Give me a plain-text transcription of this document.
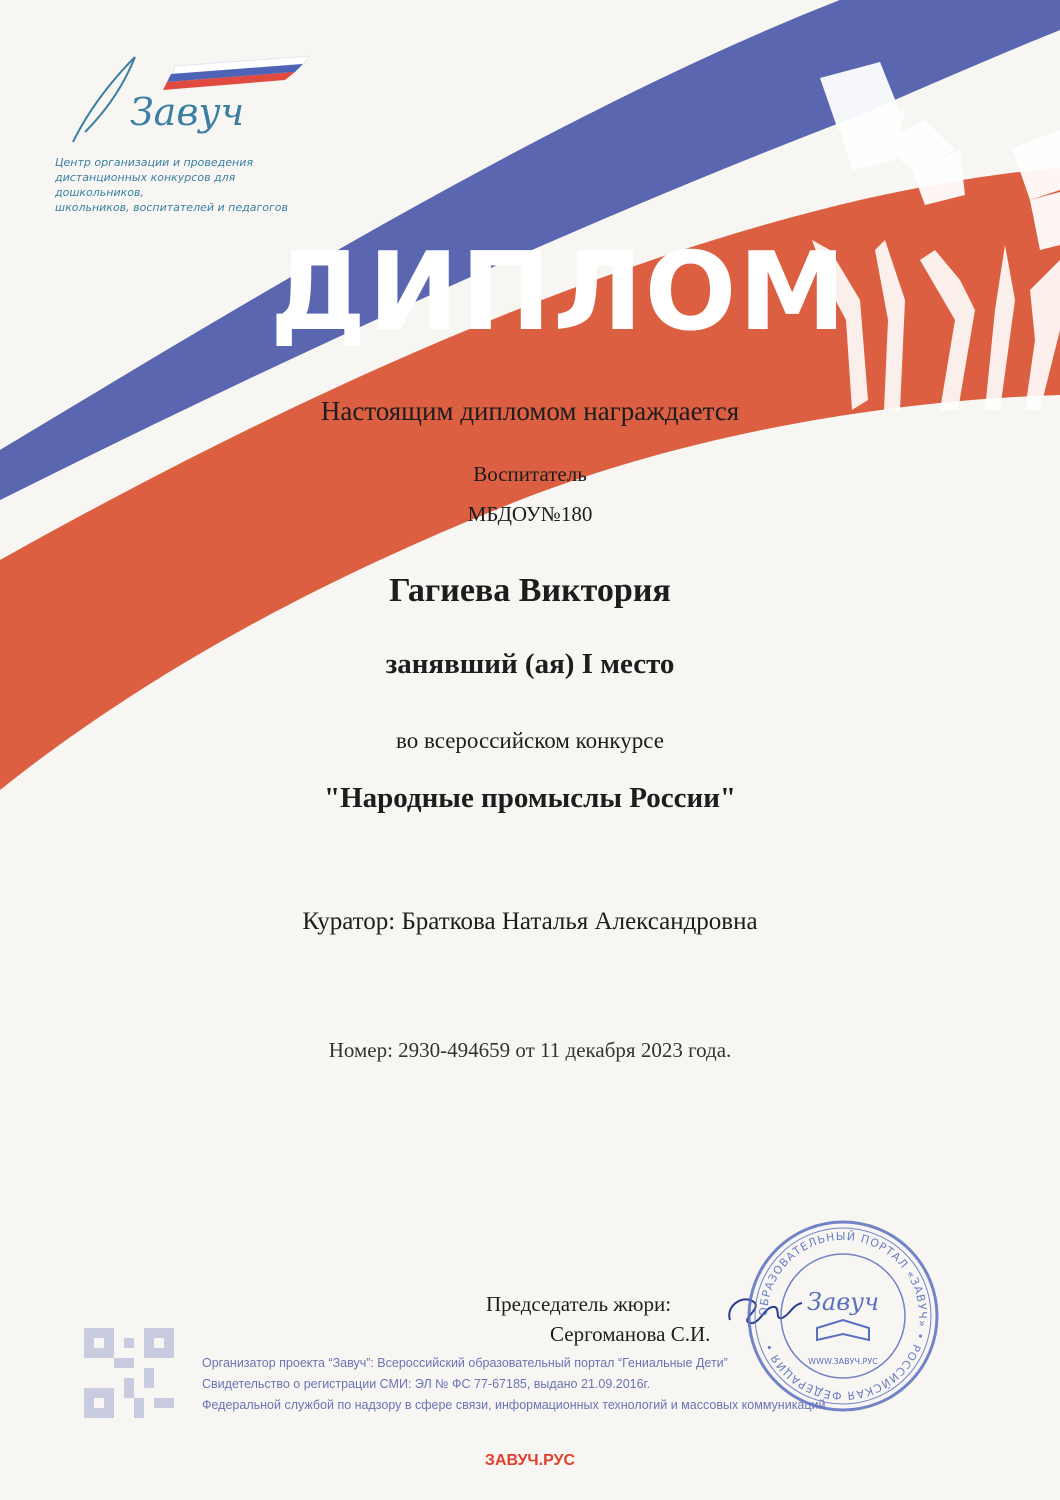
Завуч
Центр организации и проведения
дистанционных конкурсов для дошкольников,
школьников, воспитателей и педагогов
ДИПЛОМ
Настоящим дипломом награждается
Воспитатель
МБДОУ№180
Гагиева Виктория
занявший (ая) I место
во всероссийском конкурсе
"Народные промыслы России"
Куратор: Браткова Наталья Александровна
Номер: 2930-494659 от 11 декабря 2023 года.
Председатель жюри:
Сергоманова С.И.
Организатор проекта “Завуч”: Всероссийский образовательный портал “Гениальные Дети”
Свидетельство о регистрации СМИ: ЭЛ № ФС 77-67185, выдано 21.09.2016г.
Федеральной службой по надзору в сфере связи, информационных технологий и массовых коммуникаций
ОБРАЗОВАТЕЛЬНЫЙ ПОРТАЛ «ЗАВУЧ» • РОССИЙСКАЯ ФЕДЕРАЦИЯ •
Завуч
WWW.ЗАВУЧ.РУС
ЗАВУЧ.РУС
